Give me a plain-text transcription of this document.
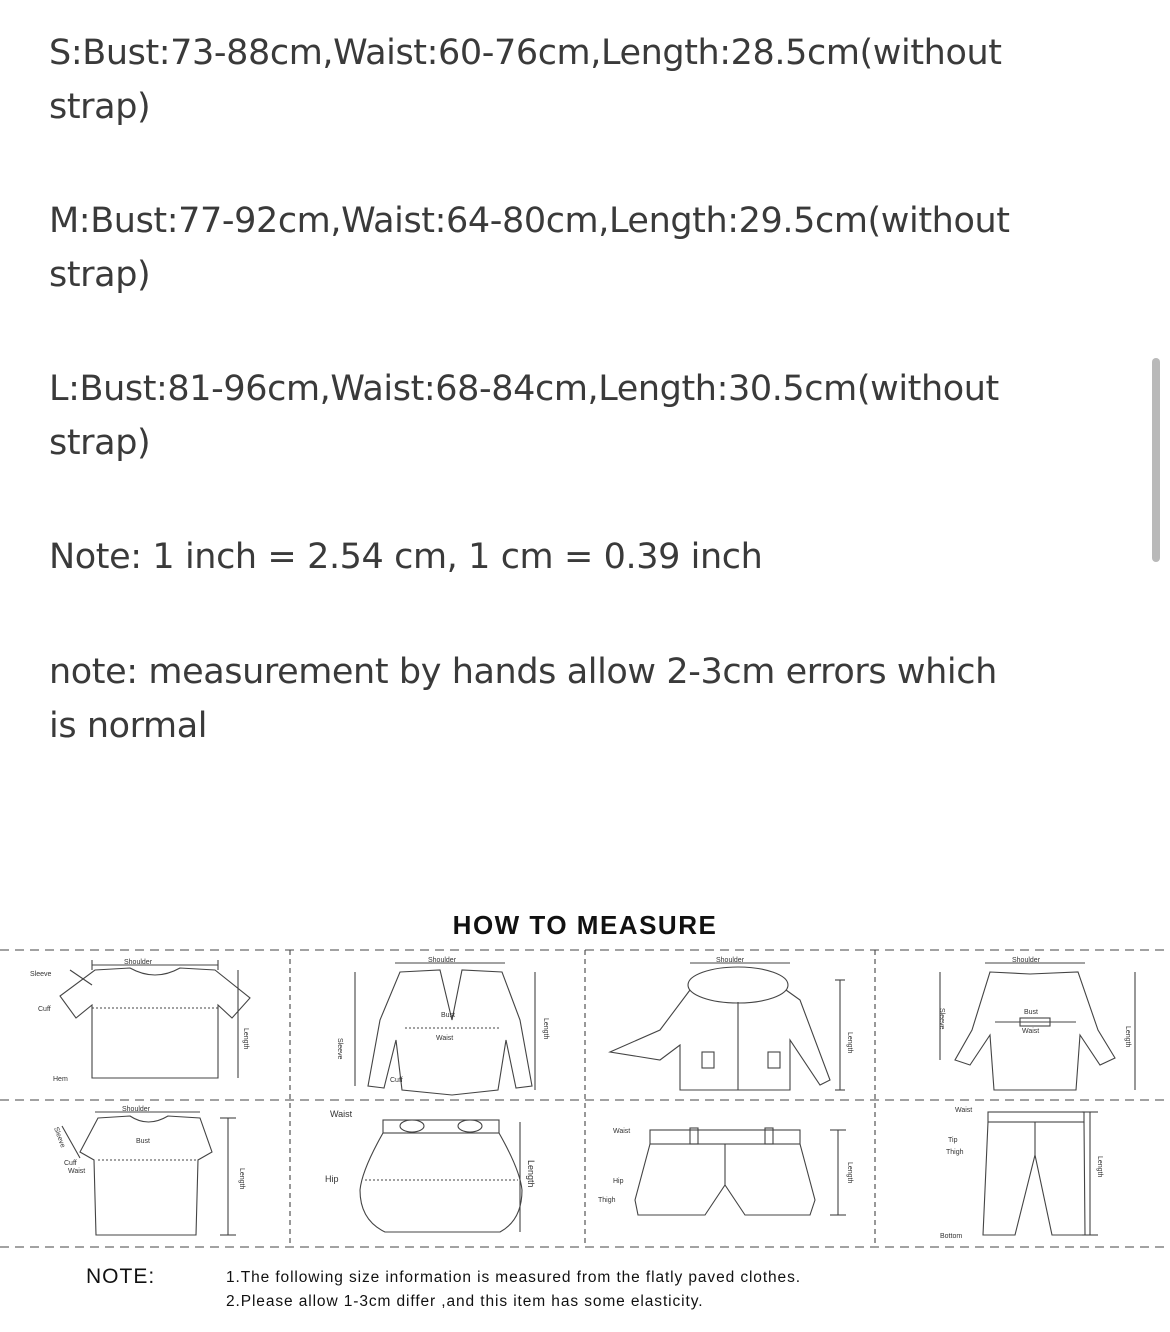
S:Bust:73-88cm,Waist:60-76cm,Length:28.5cm(without

strap)

M:Bust:77-92cm,Waist:64-80cm,Length:29.5cm(without

strap)

L:Bust:81-96cm,Waist:68-84cm,Length:30.5cm(without

strap)

Note: 1 inch = 2.54 cm, 1 cm = 0.39 inch

note: measurement by hands allow 2-3cm errors which

is normal

HOW TO MEASURE
Shoulder
Sleeve
Cuff
Hem
Length
Shoulder
Bust
Waist
Cuff
Sleeve
Length
Shoulder
Length
Shoulder
Bust
Waist
Sleeve
Length
Shoulder
Bust
Cuff
Waist
Sleeve
Length
Waist
Hip	Length
Waist
Hip
Thigh
Length
Waist
Tip
Thigh
Bottom
Length
NOTE:	1.The following size information is measured from the flatly paved clothes.
2.Please allow 1-3cm differ ,and this item has some elasticity.
